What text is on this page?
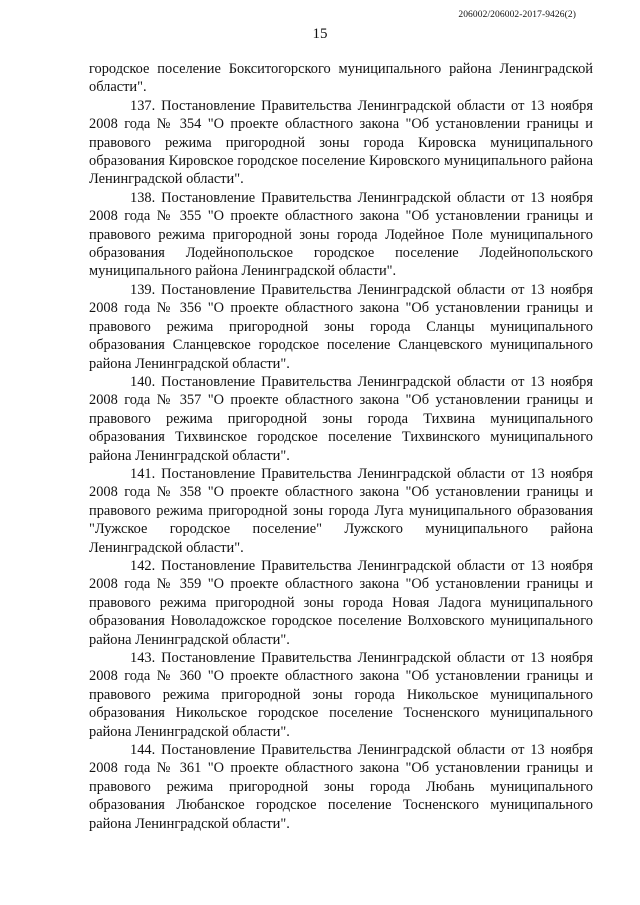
206002/206002-2017-9426(2)
15

городское поселение Бокситогорского муниципального района Ленинградской области".

137. Постановление Правительства Ленинградской области от 13 ноября 2008 года № 354 "О проекте областного закона "Об установлении границы и правового режима пригородной зоны города Кировска муниципального образования Кировское городское поселение Кировского муниципального района Ленинградской области".

138. Постановление Правительства Ленинградской области от 13 ноября 2008 года № 355 "О проекте областного закона "Об установлении границы и правового режима пригородной зоны города Лодейное Поле муниципального образования Лодейнопольское городское поселение Лодейнопольского муниципального района Ленинградской области".

139. Постановление Правительства Ленинградской области от 13 ноября 2008 года № 356 "О проекте областного закона "Об установлении границы и правового режима пригородной зоны города Сланцы муниципального образования Сланцевское городское поселение Сланцевского муниципального района Ленинградской области".

140. Постановление Правительства Ленинградской области от 13 ноября 2008 года № 357 "О проекте областного закона "Об установлении границы и правового режима пригородной зоны города Тихвина муниципального образования Тихвинское городское поселение Тихвинского муниципального района Ленинградской области".

141. Постановление Правительства Ленинградской области от 13 ноября 2008 года № 358 "О проекте областного закона "Об установлении границы и правового режима пригородной зоны города Луга муниципального образования "Лужское городское поселение" Лужского муниципального района Ленинградской области".

142. Постановление Правительства Ленинградской области от 13 ноября 2008 года № 359 "О проекте областного закона "Об установлении границы и правового режима пригородной зоны города Новая Ладога муниципального образования Новоладожское городское поселение Волховского муниципального района Ленинградской области".

143. Постановление Правительства Ленинградской области от 13 ноября 2008 года № 360 "О проекте областного закона "Об установлении границы и правового режима пригородной зоны города Никольское муниципального образования Никольское городское поселение Тосненского муниципального района Ленинградской области".

144. Постановление Правительства Ленинградской области от 13 ноября 2008 года № 361 "О проекте областного закона "Об установлении границы и правового режима пригородной зоны города Любань муниципального образования Любанское городское поселение Тосненского муниципального района Ленинградской области".
